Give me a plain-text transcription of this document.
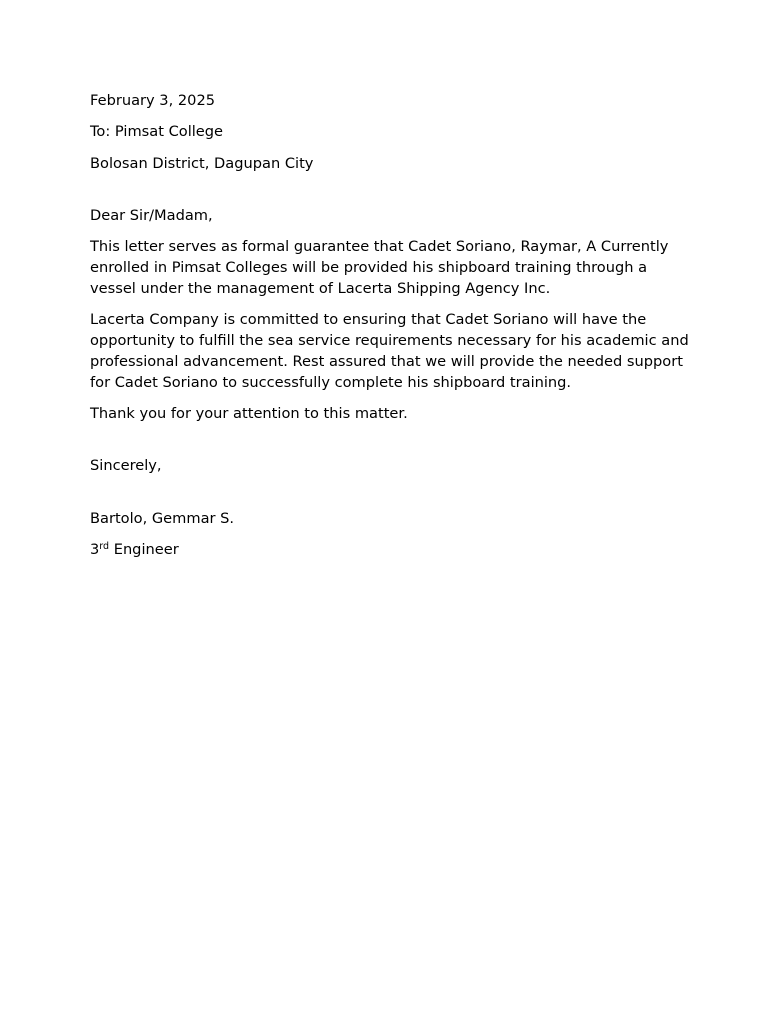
February 3, 2025

To: Pimsat College

Bolosan District, Dagupan City

Dear Sir/Madam,

This letter serves as formal guarantee that Cadet Soriano, Raymar, A Currently enrolled in Pimsat Colleges will be provided his shipboard training through a vessel under the management of Lacerta Shipping Agency Inc.

Lacerta Company is committed to ensuring that Cadet Soriano will have the opportunity to fulfill the sea service requirements necessary for his academic and professional advancement. Rest assured that we will provide the needed support for Cadet Soriano to successfully complete his shipboard training.

Thank you for your attention to this matter.

Sincerely,

Bartolo, Gemmar S.

3rd Engineer
